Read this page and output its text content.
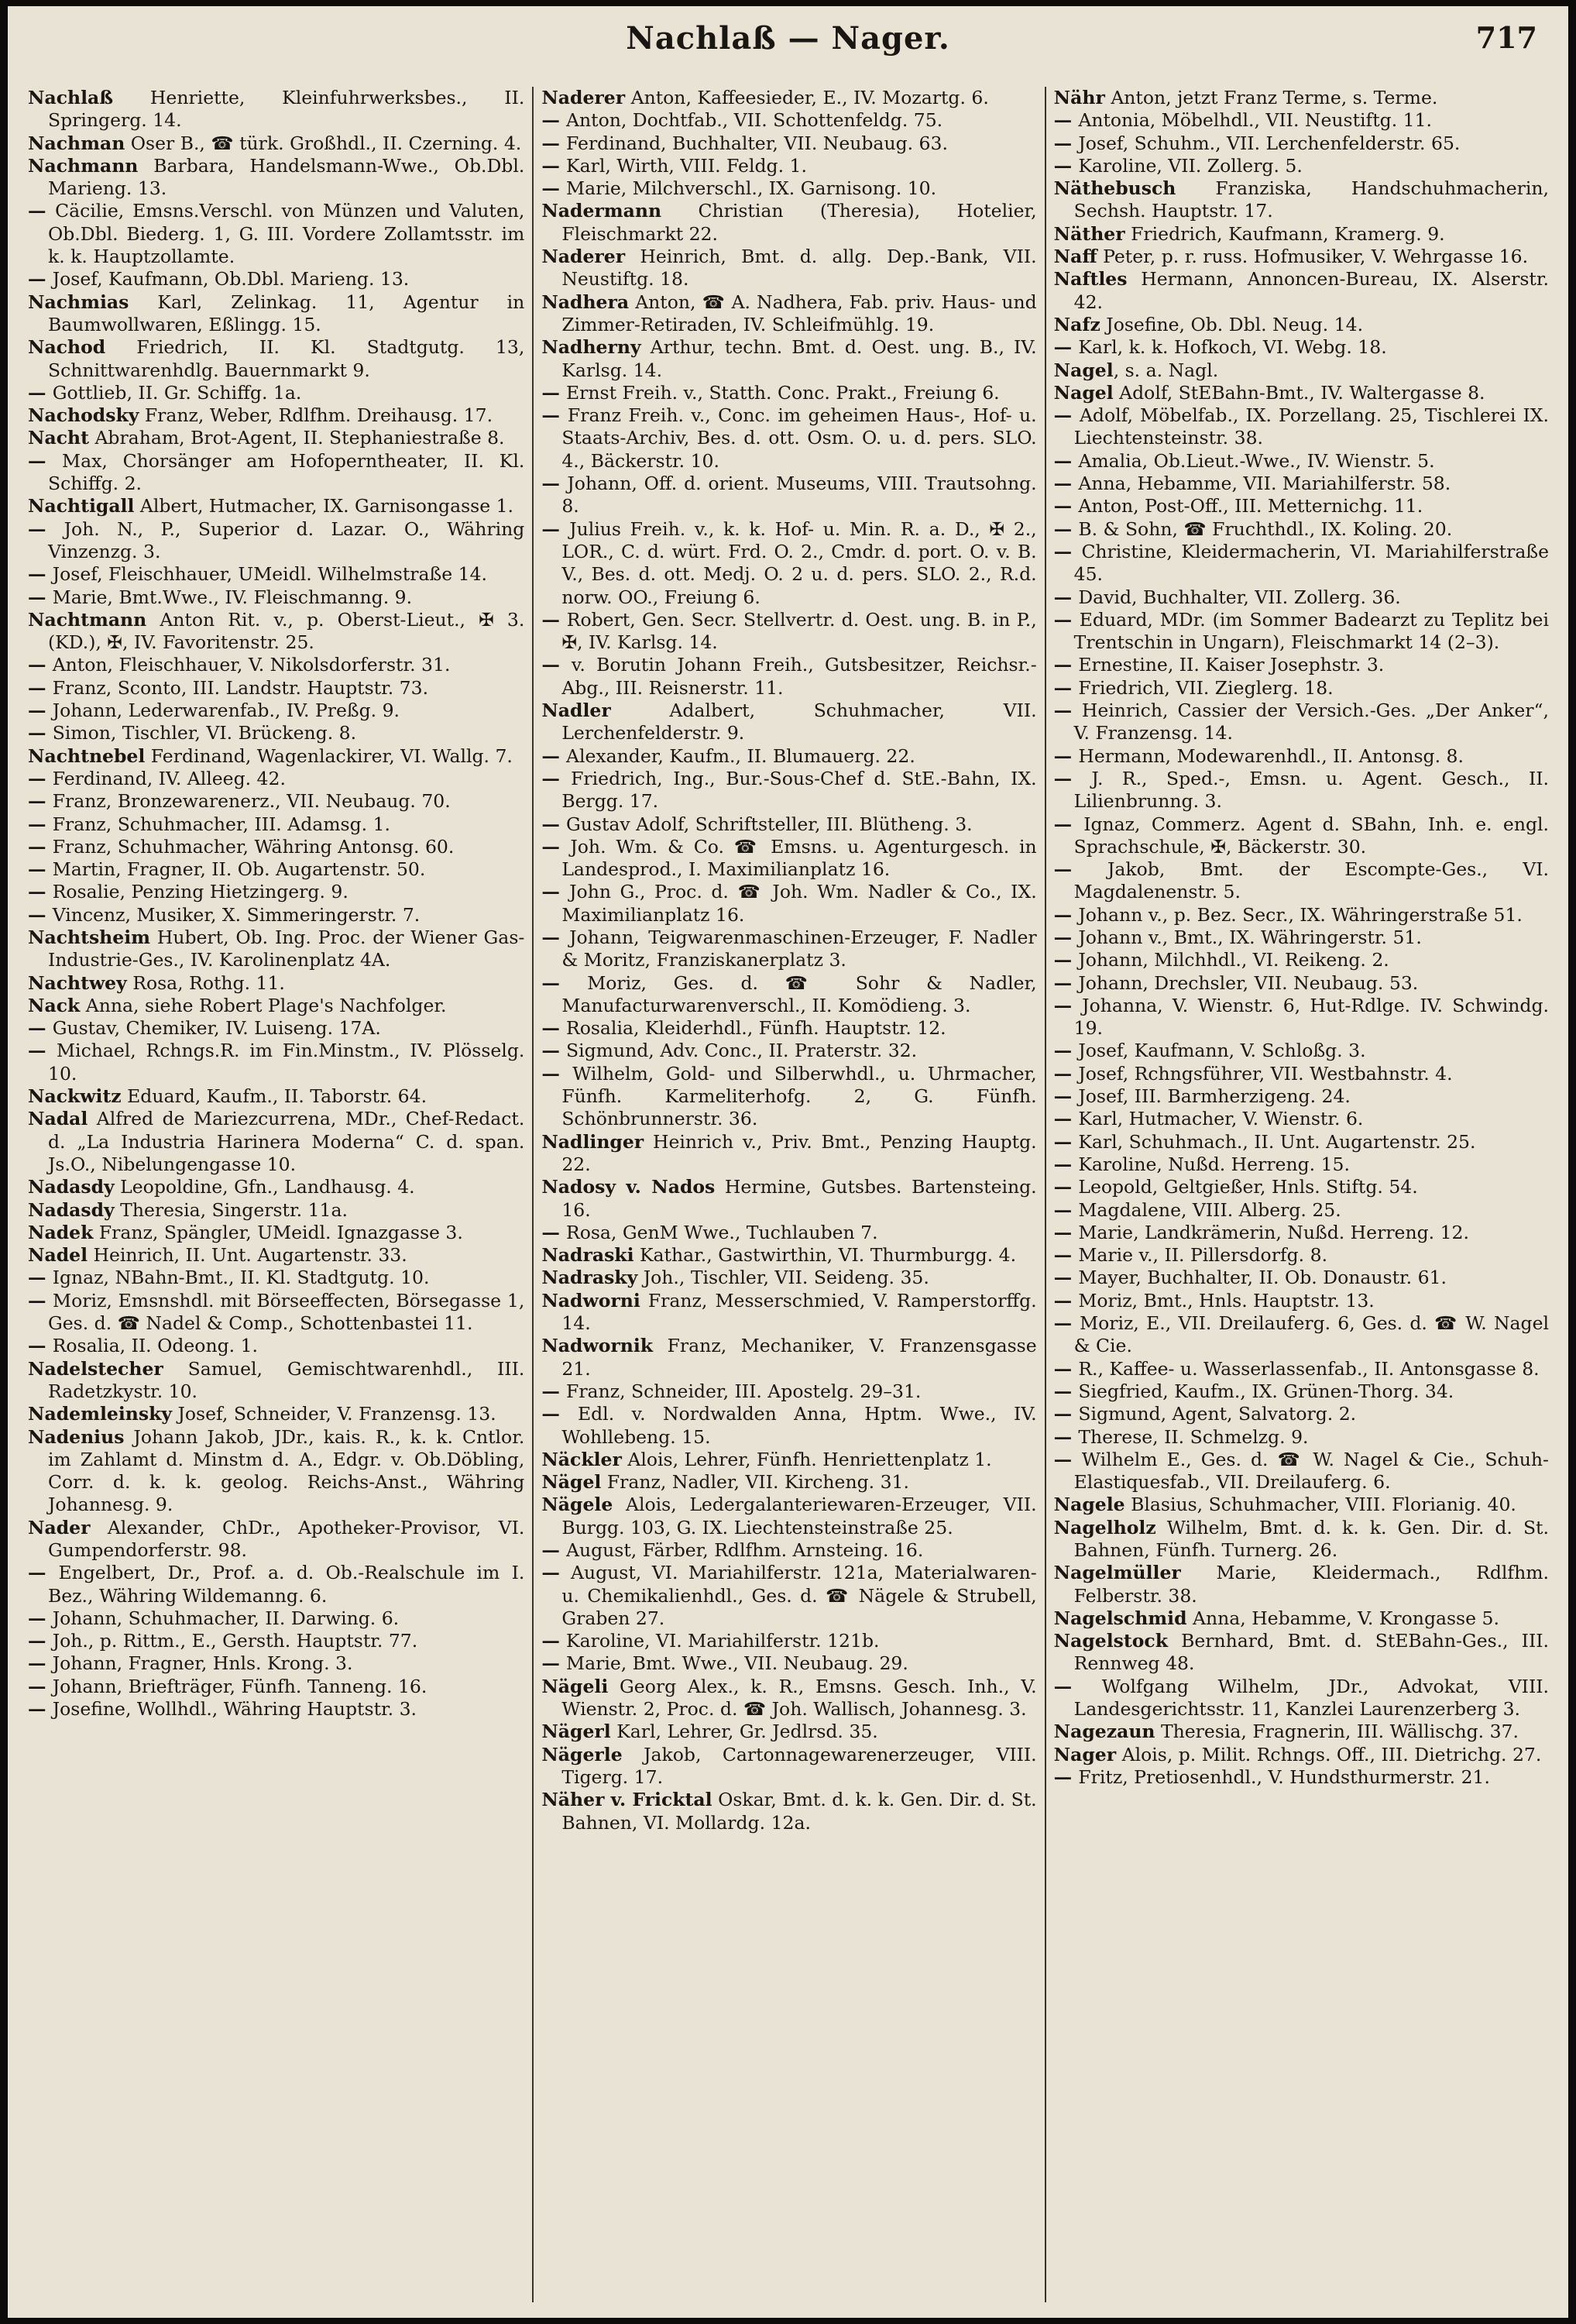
Nachlaß — Nager.	717

Nachlaß Henriette, Kleinfuhrwerksbes., II. Springerg. 14.

Nachman Oser B., ☎ türk. Großhdl., II. Czerning. 4.

Nachmann Barbara, Handelsmann-Wwe., Ob.Dbl. Marieng. 13.

— Cäcilie, Emsns.Verschl. von Münzen und Valuten, Ob.Dbl. Biederg. 1, G. III. Vordere Zollamtsstr. im k. k. Hauptzollamte.

— Josef, Kaufmann, Ob.Dbl. Marieng. 13.

Nachmias Karl, Zelinkag. 11, Agentur in Baumwollwaren, Eßlingg. 15.

Nachod Friedrich, II. Kl. Stadtgutg. 13, Schnittwarenhdlg. Bauernmarkt 9.

— Gottlieb, II. Gr. Schiffg. 1a.

Nachodsky Franz, Weber, Rdlfhm. Dreihausg. 17.

Nacht Abraham, Brot-Agent, II. Stephaniestraße 8.

— Max, Chorsänger am Hofoperntheater, II. Kl. Schiffg. 2.

Nachtigall Albert, Hutmacher, IX. Garnisongasse 1.

— Joh. N., P., Superior d. Lazar. O., Währing Vinzenzg. 3.

— Josef, Fleischhauer, UMeidl. Wilhelmstraße 14.

— Marie, Bmt.Wwe., IV. Fleischmanng. 9.

Nachtmann Anton Rit. v., p. Oberst-Lieut., ✠ 3. (KD.), ✠, IV. Favoritenstr. 25.

— Anton, Fleischhauer, V. Nikolsdorferstr. 31.

— Franz, Sconto, III. Landstr. Hauptstr. 73.

— Johann, Lederwarenfab., IV. Preßg. 9.

— Simon, Tischler, VI. Brückeng. 8.

Nachtnebel Ferdinand, Wagenlackirer, VI. Wallg. 7.

— Ferdinand, IV. Alleeg. 42.

— Franz, Bronzewarenerz., VII. Neubaug. 70.

— Franz, Schuhmacher, III. Adamsg. 1.

— Franz, Schuhmacher, Währing Antonsg. 60.

— Martin, Fragner, II. Ob. Augartenstr. 50.

— Rosalie, Penzing Hietzingerg. 9.

— Vincenz, Musiker, X. Simmeringerstr. 7.

Nachtsheim Hubert, Ob. Ing. Proc. der Wiener Gas-Industrie-Ges., IV. Karolinenplatz 4A.

Nachtwey Rosa, Rothg. 11.

Nack Anna, siehe Robert Plage's Nachfolger.

— Gustav, Chemiker, IV. Luiseng. 17A.

— Michael, Rchngs.R. im Fin.Minstm., IV. Plösselg. 10.

Nackwitz Eduard, Kaufm., II. Taborstr. 64.

Nadal Alfred de Mariezcurrena, MDr., Chef-Redact. d. „La Industria Harinera Moderna“ C. d. span. Js.O., Nibelungengasse 10.

Nadasdy Leopoldine, Gfn., Landhausg. 4.

Nadasdy Theresia, Singerstr. 11a.

Nadek Franz, Spängler, UMeidl. Ignazgasse 3.

Nadel Heinrich, II. Unt. Augartenstr. 33.

— Ignaz, NBahn-Bmt., II. Kl. Stadtgutg. 10.

— Moriz, Emsnshdl. mit Börseeffecten, Börsegasse 1, Ges. d. ☎ Nadel & Comp., Schottenbastei 11.

— Rosalia, II. Odeong. 1.

Nadelstecher Samuel, Gemischtwarenhdl., III. Radetzkystr. 10.

Nademleinsky Josef, Schneider, V. Franzensg. 13.

Nadenius Johann Jakob, JDr., kais. R., k. k. Cntlor. im Zahlamt d. Minstm d. A., Edgr. v. Ob.Döbling, Corr. d. k. k. geolog. Reichs-Anst., Währing Johannesg. 9.

Nader Alexander, ChDr., Apotheker-Provisor, VI. Gumpendorferstr. 98.

— Engelbert, Dr., Prof. a. d. Ob.-Realschule im I. Bez., Währing Wildemanng. 6.

— Johann, Schuhmacher, II. Darwing. 6.

— Joh., p. Rittm., E., Gersth. Hauptstr. 77.

— Johann, Fragner, Hnls. Krong. 3.

— Johann, Briefträger, Fünfh. Tanneng. 16.

— Josefine, Wollhdl., Währing Hauptstr. 3.

Naderer Anton, Kaffeesieder, E., IV. Mozartg. 6.

— Anton, Dochtfab., VII. Schottenfeldg. 75.

— Ferdinand, Buchhalter, VII. Neubaug. 63.

— Karl, Wirth, VIII. Feldg. 1.

— Marie, Milchverschl., IX. Garnisong. 10.

Nadermann Christian (Theresia), Hotelier, Fleischmarkt 22.

Naderer Heinrich, Bmt. d. allg. Dep.-Bank, VII. Neustiftg. 18.

Nadhera Anton, ☎ A. Nadhera, Fab. priv. Haus- und Zimmer-Retiraden, IV. Schleifmühlg. 19.

Nadherny Arthur, techn. Bmt. d. Oest. ung. B., IV. Karlsg. 14.

— Ernst Freih. v., Statth. Conc. Prakt., Freiung 6.

— Franz Freih. v., Conc. im geheimen Haus-, Hof- u. Staats-Archiv, Bes. d. ott. Osm. O. u. d. pers. SLO. 4., Bäckerstr. 10.

— Johann, Off. d. orient. Museums, VIII. Trautsohng. 8.

— Julius Freih. v., k. k. Hof- u. Min. R. a. D., ✠ 2., LOR., C. d. würt. Frd. O. 2., Cmdr. d. port. O. v. B. V., Bes. d. ott. Medj. O. 2 u. d. pers. SLO. 2., R.d. norw. OO., Freiung 6.

— Robert, Gen. Secr. Stellvertr. d. Oest. ung. B. in P., ✠, IV. Karlsg. 14.

— v. Borutin Johann Freih., Gutsbesitzer, Reichsr.-Abg., III. Reisnerstr. 11.

Nadler Adalbert, Schuhmacher, VII. Lerchenfelderstr. 9.

— Alexander, Kaufm., II. Blumauerg. 22.

— Friedrich, Ing., Bur.-Sous-Chef d. StE.-Bahn, IX. Bergg. 17.

— Gustav Adolf, Schriftsteller, III. Blütheng. 3.

— Joh. Wm. & Co. ☎ Emsns. u. Agenturgesch. in Landesprod., I. Maximilianplatz 16.

— John G., Proc. d. ☎ Joh. Wm. Nadler & Co., IX. Maximilianplatz 16.

— Johann, Teigwarenmaschinen-Erzeuger, F. Nadler & Moritz, Franziskanerplatz 3.

— Moriz, Ges. d. ☎ Sohr & Nadler, Manufacturwarenverschl., II. Komödieng. 3.

— Rosalia, Kleiderhdl., Fünfh. Hauptstr. 12.

— Sigmund, Adv. Conc., II. Praterstr. 32.

— Wilhelm, Gold- und Silberwhdl., u. Uhrmacher, Fünfh. Karmeliterhofg. 2, G. Fünfh. Schönbrunnerstr. 36.

Nadlinger Heinrich v., Priv. Bmt., Penzing Hauptg. 22.

Nadosy v. Nados Hermine, Gutsbes. Bartensteing. 16.

— Rosa, GenM Wwe., Tuchlauben 7.

Nadraski Kathar., Gastwirthin, VI. Thurmburgg. 4.

Nadrasky Joh., Tischler, VII. Seideng. 35.

Nadworni Franz, Messerschmied, V. Ramperstorffg. 14.

Nadwornik Franz, Mechaniker, V. Franzensgasse 21.

— Franz, Schneider, III. Apostelg. 29–31.

— Edl. v. Nordwalden Anna, Hptm. Wwe., IV. Wohllebeng. 15.

Näckler Alois, Lehrer, Fünfh. Henriettenplatz 1.

Nägel Franz, Nadler, VII. Kircheng. 31.

Nägele Alois, Ledergalanteriewaren-Erzeuger, VII. Burgg. 103, G. IX. Liechtensteinstraße 25.

— August, Färber, Rdlfhm. Arnsteing. 16.

— August, VI. Mariahilferstr. 121a, Materialwaren- u. Chemikalienhdl., Ges. d. ☎ Nägele & Strubell, Graben 27.

— Karoline, VI. Mariahilferstr. 121b.

— Marie, Bmt. Wwe., VII. Neubaug. 29.

Nägeli Georg Alex., k. R., Emsns. Gesch. Inh., V. Wienstr. 2, Proc. d. ☎ Joh. Wallisch, Johannesg. 3.

Nägerl Karl, Lehrer, Gr. Jedlrsd. 35.

Nägerle Jakob, Cartonnagewarenerzeuger, VIII. Tigerg. 17.

Näher v. Fricktal Oskar, Bmt. d. k. k. Gen. Dir. d. St. Bahnen, VI. Mollardg. 12a.

Nähr Anton, jetzt Franz Terme, s. Terme.

— Antonia, Möbelhdl., VII. Neustiftg. 11.

— Josef, Schuhm., VII. Lerchenfelderstr. 65.

— Karoline, VII. Zollerg. 5.

Näthebusch Franziska, Handschuhmacherin, Sechsh. Hauptstr. 17.

Näther Friedrich, Kaufmann, Kramerg. 9.

Naff Peter, p. r. russ. Hofmusiker, V. Wehrgasse 16.

Naftles Hermann, Annoncen-Bureau, IX. Alserstr. 42.

Nafz Josefine, Ob. Dbl. Neug. 14.

— Karl, k. k. Hofkoch, VI. Webg. 18.

Nagel, s. a. Nagl.

Nagel Adolf, StEBahn-Bmt., IV. Waltergasse 8.

— Adolf, Möbelfab., IX. Porzellang. 25, Tischlerei IX. Liechtensteinstr. 38.

— Amalia, Ob.Lieut.-Wwe., IV. Wienstr. 5.

— Anna, Hebamme, VII. Mariahilferstr. 58.

— Anton, Post-Off., III. Metternichg. 11.

— B. & Sohn, ☎ Fruchthdl., IX. Koling. 20.

— Christine, Kleidermacherin, VI. Mariahilferstraße 45.

— David, Buchhalter, VII. Zollerg. 36.

— Eduard, MDr. (im Sommer Badearzt zu Teplitz bei Trentschin in Ungarn), Fleischmarkt 14 (2–3).

— Ernestine, II. Kaiser Josephstr. 3.

— Friedrich, VII. Zieglerg. 18.

— Heinrich, Cassier der Versich.-Ges. „Der Anker“, V. Franzensg. 14.

— Hermann, Modewarenhdl., II. Antonsg. 8.

— J. R., Sped.-, Emsn. u. Agent. Gesch., II. Lilienbrunng. 3.

— Ignaz, Commerz. Agent d. SBahn, Inh. e. engl. Sprachschule, ✠, Bäckerstr. 30.

— Jakob, Bmt. der Escompte-Ges., VI. Magdalenenstr. 5.

— Johann v., p. Bez. Secr., IX. Währingerstraße 51.

— Johann v., Bmt., IX. Währingerstr. 51.

— Johann, Milchhdl., VI. Reikeng. 2.

— Johann, Drechsler, VII. Neubaug. 53.

— Johanna, V. Wienstr. 6, Hut-Rdlge. IV. Schwindg. 19.

— Josef, Kaufmann, V. Schloßg. 3.

— Josef, Rchngsführer, VII. Westbahnstr. 4.

— Josef, III. Barmherzigeng. 24.

— Karl, Hutmacher, V. Wienstr. 6.

— Karl, Schuhmach., II. Unt. Augartenstr. 25.

— Karoline, Nußd. Herreng. 15.

— Leopold, Geltgießer, Hnls. Stiftg. 54.

— Magdalene, VIII. Alberg. 25.

— Marie, Landkrämerin, Nußd. Herreng. 12.

— Marie v., II. Pillersdorfg. 8.

— Mayer, Buchhalter, II. Ob. Donaustr. 61.

— Moriz, Bmt., Hnls. Hauptstr. 13.

— Moriz, E., VII. Dreilauferg. 6, Ges. d. ☎ W. Nagel & Cie.

— R., Kaffee- u. Wasserlassenfab., II. Antonsgasse 8.

— Siegfried, Kaufm., IX. Grünen-Thorg. 34.

— Sigmund, Agent, Salvatorg. 2.

— Therese, II. Schmelzg. 9.

— Wilhelm E., Ges. d. ☎ W. Nagel & Cie., Schuh-Elastiquesfab., VII. Dreilauferg. 6.

Nagele Blasius, Schuhmacher, VIII. Florianig. 40.

Nagelholz Wilhelm, Bmt. d. k. k. Gen. Dir. d. St. Bahnen, Fünfh. Turnerg. 26.

Nagelmüller Marie, Kleidermach., Rdlfhm. Felberstr. 38.

Nagelschmid Anna, Hebamme, V. Krongasse 5.

Nagelstock Bernhard, Bmt. d. StEBahn-Ges., III. Rennweg 48.

— Wolfgang Wilhelm, JDr., Advokat, VIII. Landesgerichtsstr. 11, Kanzlei Laurenzerberg 3.

Nagezaun Theresia, Fragnerin, III. Wällischg. 37.

Nager Alois, p. Milit. Rchngs. Off., III. Dietrichg. 27.

— Fritz, Pretiosenhdl., V. Hundsthurmerstr. 21.
